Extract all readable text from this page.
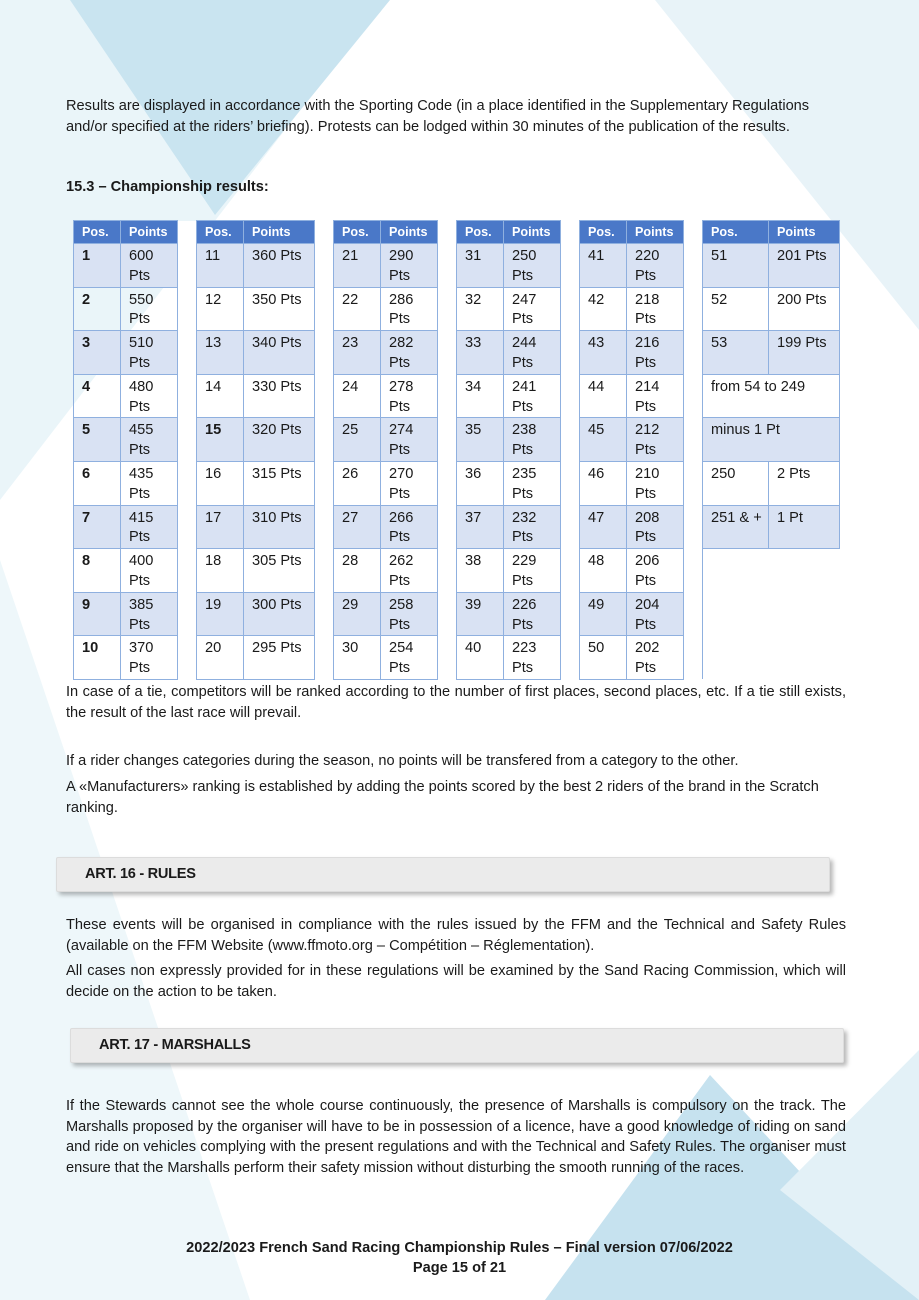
Results are displayed in accordance with the Sporting Code (in a place identified in the Supplementary Regulations and/or specified at the riders’ briefing). Protests can be lodged within 30 minutes of the publication of the results.

15.3 – Championship results:

Pos.	Points		Pos.	Points		Pos.	Points		Pos.	Points		Pos.	Points		Pos.	Points
1	600 Pts		11	360 Pts		21	290 Pts		31	250 Pts		41	220 Pts		51	201 Pts
2	550 Pts		12	350 Pts		22	286 Pts		32	247 Pts		42	218 Pts		52	200 Pts
3	510 Pts		13	340 Pts		23	282 Pts		33	244 Pts		43	216 Pts		53	199 Pts
4	480 Pts		14	330 Pts		24	278 Pts		34	241 Pts		44	214 Pts		from 54 to 249	
5	455 Pts		15	320 Pts		25	274 Pts		35	238 Pts		45	212 Pts		minus 1 Pt	
6	435 Pts		16	315 Pts		26	270 Pts		36	235 Pts		46	210 Pts		250	2 Pts
7	415 Pts		17	310 Pts		27	266 Pts		37	232 Pts		47	208 Pts		251 & +	1 Pt
8	400 Pts		18	305 Pts		28	262 Pts		38	229 Pts		48	206 Pts			
9	385 Pts		19	300 Pts		29	258 Pts		39	226 Pts		49	204 Pts			
10	370 Pts		20	295 Pts		30	254 Pts		40	223 Pts		50	202 Pts			

In case of a tie, competitors will be ranked according to the number of first places, second places, etc. If a tie still exists, the result of the last race will prevail.

If a rider changes categories during the season, no points will be transfered from a category to the other.

A «Manufacturers» ranking is established by adding the points scored by the best 2 riders of the brand in the Scratch ranking.

ART. 16 - RULES

These events will be organised in compliance with the rules issued by the FFM and the Technical and Safety Rules (available on the FFM Website (www.ffmoto.org – Compétition – Réglementation).

All cases non expressly provided for in these regulations will be examined by the Sand Racing Commission, which will decide on the action to be taken.

ART. 17 - MARSHALLS

If the Stewards cannot see the whole course continuously, the presence of Marshalls is compulsory on the track. The Marshalls proposed by the organiser will have to be in possession of a licence, have a good knowledge of riding on sand and ride on vehicles complying with the present regulations and with the Technical and Safety Rules. The organiser must ensure that the Marshalls perform their safety mission without disturbing the smooth running of the races.

2022/2023 French Sand Racing Championship Rules – Final version 07/06/2022
Page 15 of 21
